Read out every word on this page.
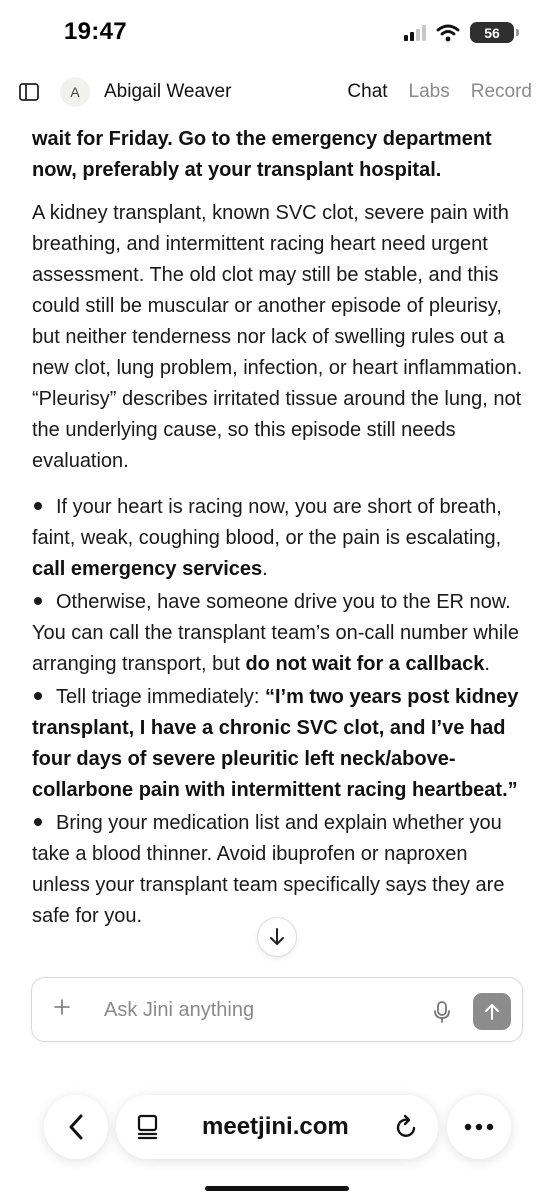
19:47	56
A	Abigail Weaver	Chat Labs Record

wait for Friday. Go to the emergency department now, preferably at your transplant hospital.

A kidney transplant, known SVC clot, severe pain with breathing, and intermittent racing heart need urgent assessment. The old clot may still be stable, and this could still be muscular or another episode of pleurisy, but neither tenderness nor lack of swelling rules out a new clot, lung problem, infection, or heart inflammation. “Pleurisy” describes irritated tissue around the lung, not the underlying cause, so this episode still needs evaluation.

If your heart is racing now, you are short of breath, faint, weak, coughing blood, or the pain is escalating, call emergency services.
Otherwise, have someone drive you to the ER now. You can call the transplant team’s on-call number while arranging transport, but do not wait for a callback.
Tell triage immediately: “I’m two years post kidney transplant, I have a chronic SVC clot, and I’ve had four days of severe pleuritic left neck/above-collarbone pain with intermittent racing heartbeat.”
Bring your medication list and explain whether you take a blood thinner. Avoid ibuprofen or naproxen unless your transplant team specifically says they are safe for you.
Ask Jini anything
meetjini.com
